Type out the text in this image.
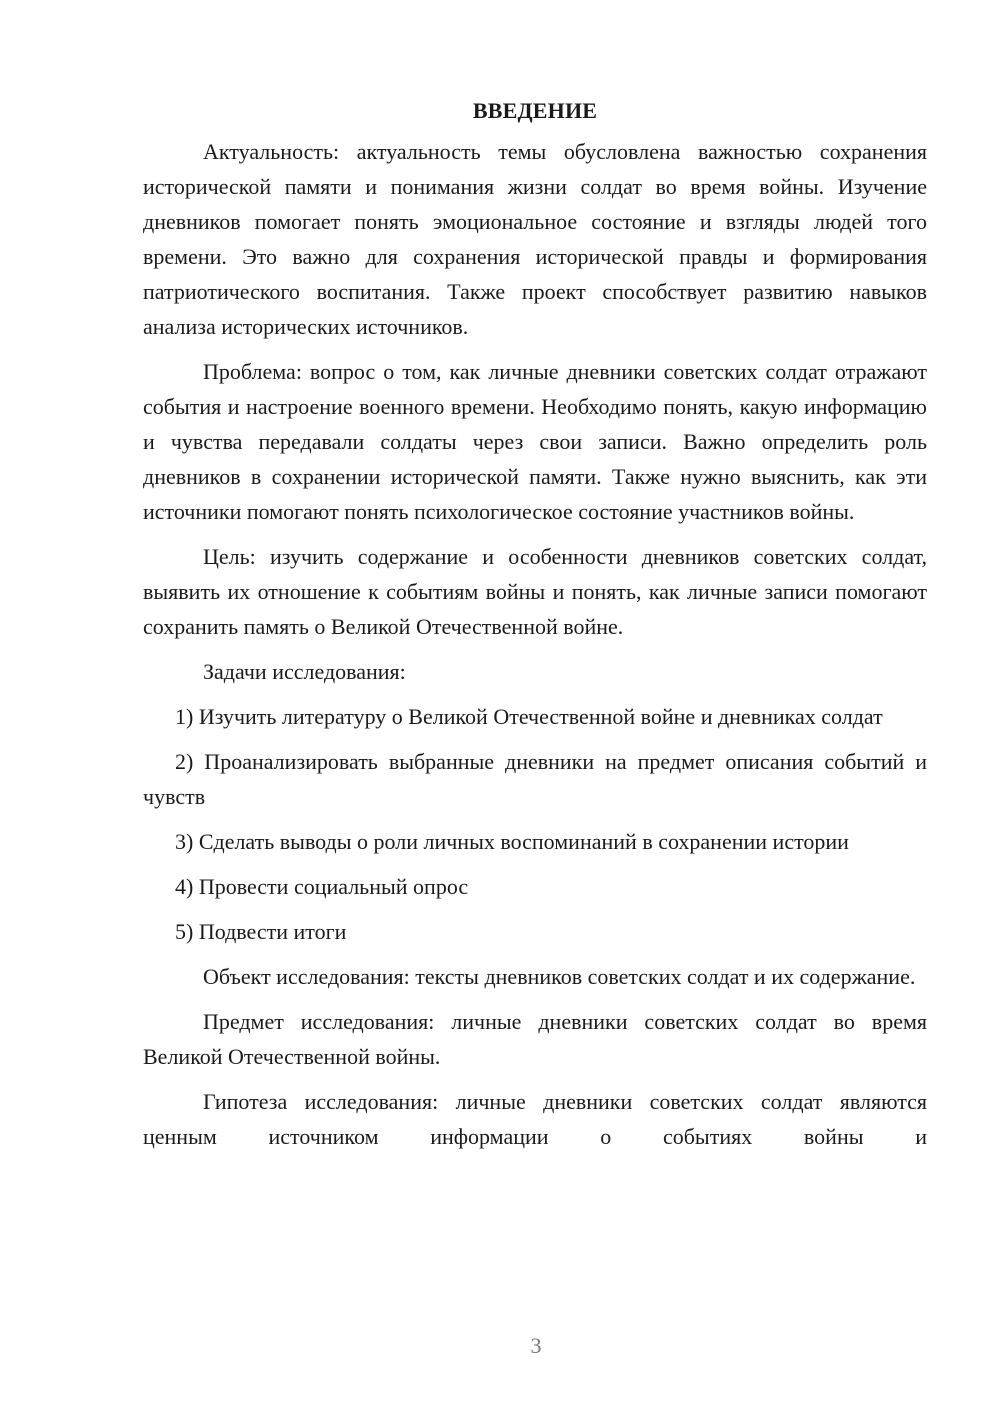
ВВЕДЕНИЕ
Актуальность: актуальность темы обусловлена важностью сохранения исторической памяти и понимания жизни солдат во время войны. Изучение дневников помогает понять эмоциональное состояние и взгляды людей того времени. Это важно для сохранения исторической правды и формирования патриотического воспитания. Также проект способствует развитию навыков анализа исторических источников.
Проблема: вопрос о том, как личные дневники советских солдат отражают события и настроение военного времени. Необходимо понять, какую информацию и чувства передавали солдаты через свои записи. Важно определить роль дневников в сохранении исторической памяти. Также нужно выяснить, как эти источники помогают понять психологическое состояние участников войны.
Цель: изучить содержание и особенности дневников советских солдат, выявить их отношение к событиям войны и понять, как личные записи помогают сохранить память о Великой Отечественной войне.
Задачи исследования:
1) Изучить литературу о Великой Отечественной войне и дневниках солдат
2) Проанализировать выбранные дневники на предмет описания событий и чувств
3) Сделать выводы о роли личных воспоминаний в сохранении истории
4) Провести социальный опрос
5) Подвести итоги
Объект исследования: тексты дневников советских солдат и их содержание.
Предмет исследования: личные дневники советских солдат во время Великой Отечественной войны.
Гипотеза исследования: личные дневники советских солдат являются ценным источником информации о событиях войны и
3
